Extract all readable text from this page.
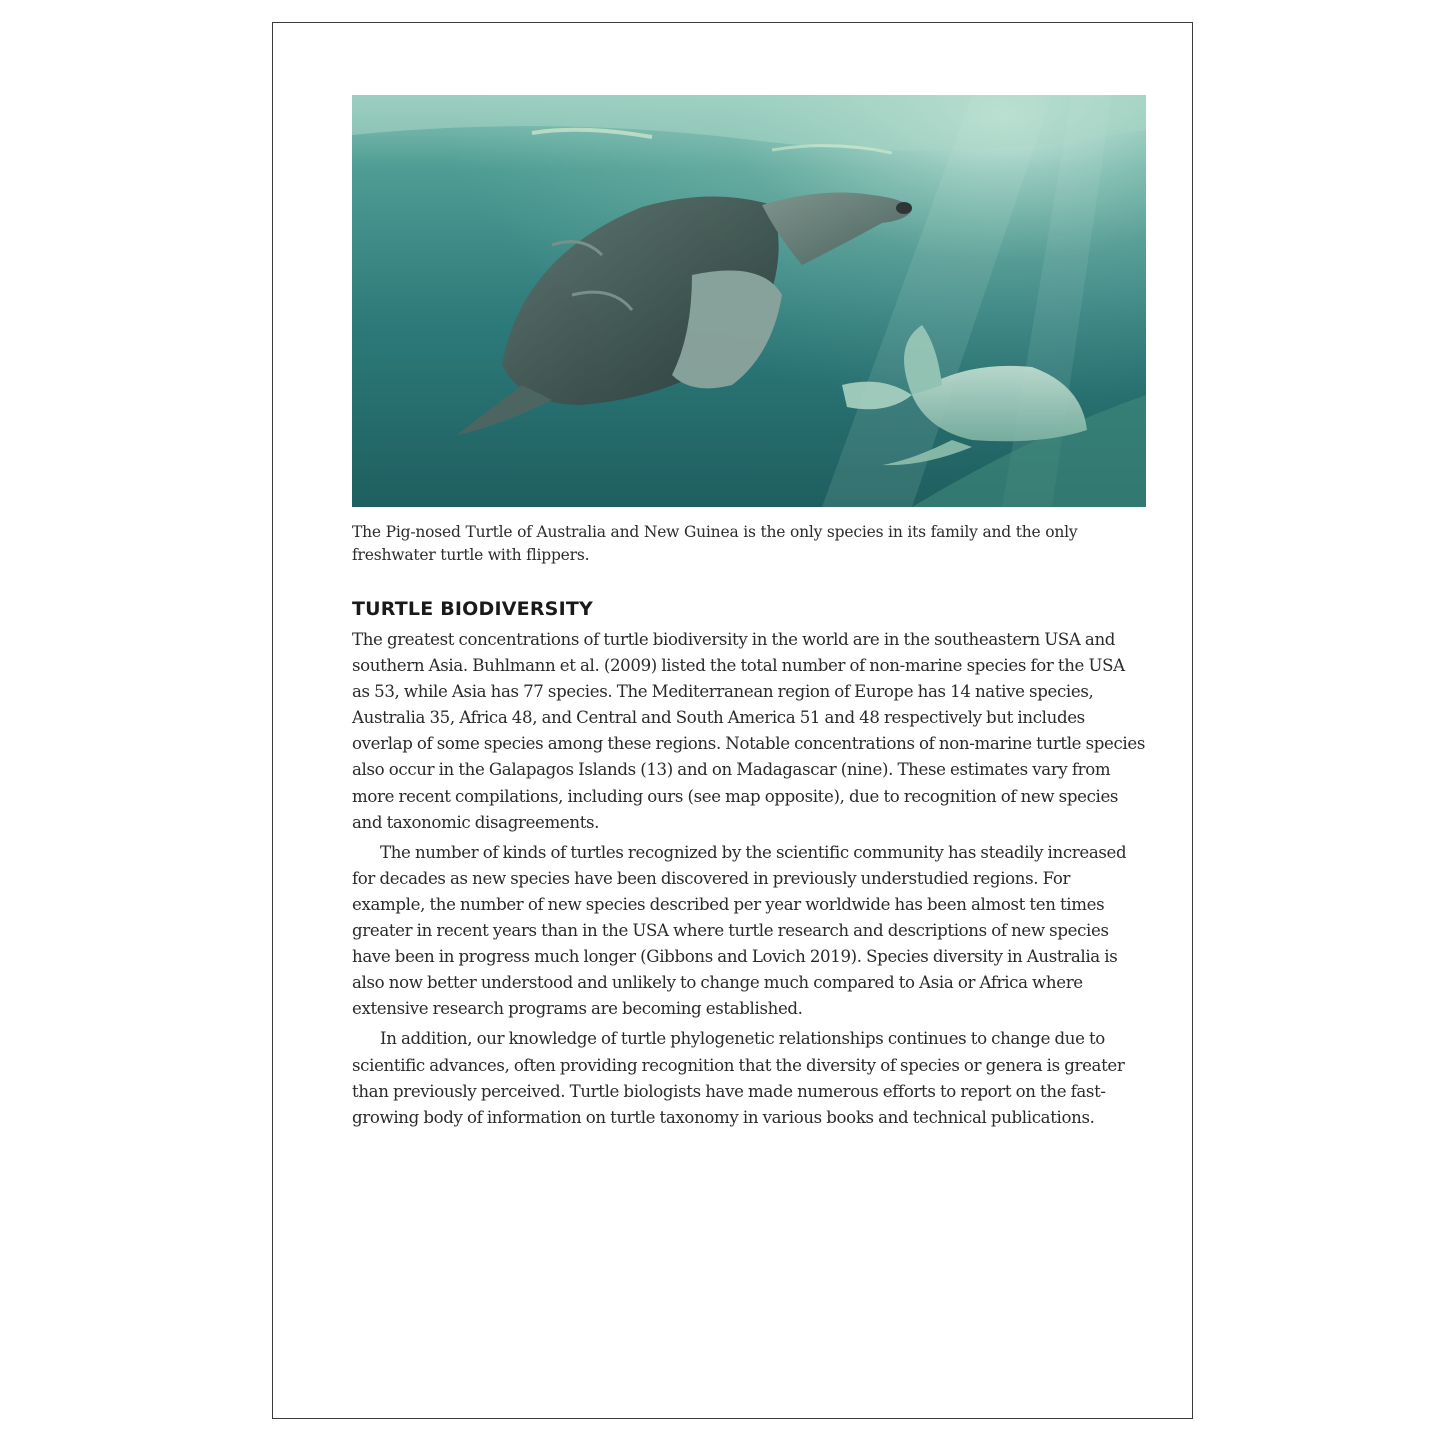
The Pig-nosed Turtle of Australia and New Guinea is the only species in its family and the only freshwater turtle with flippers.

TURTLE BIODIVERSITY

The greatest concentrations of turtle biodiversity in the world are in the southeastern USA and southern Asia. Buhlmann et al. (2009) listed the total number of non-marine species for the USA as 53, while Asia has 77 species. The Mediterranean region of Europe has 14 native species, Australia 35, Africa 48, and Central and South America 51 and 48 respectively but includes overlap of some species among these regions. Notable concentrations of non-marine turtle species also occur in the Galapagos Islands (13) and on Madagascar (nine). These estimates vary from more recent compilations, including ours (see map opposite), due to recognition of new species and taxonomic disagreements.

The number of kinds of turtles recognized by the scientific community has steadily increased for decades as new species have been discovered in previously understudied regions. For example, the number of new species described per year worldwide has been almost ten times greater in recent years than in the USA where turtle research and descriptions of new species have been in progress much longer (Gibbons and Lovich 2019). Species diversity in Australia is also now better understood and unlikely to change much compared to Asia or Africa where extensive research programs are becoming established.

In addition, our knowledge of turtle phylogenetic relationships continues to change due to scientific advances, often providing recognition that the diversity of species or genera is greater than previously perceived. Turtle biologists have made numerous efforts to report on the fast-growing body of information on turtle taxonomy in various books and technical publications.
